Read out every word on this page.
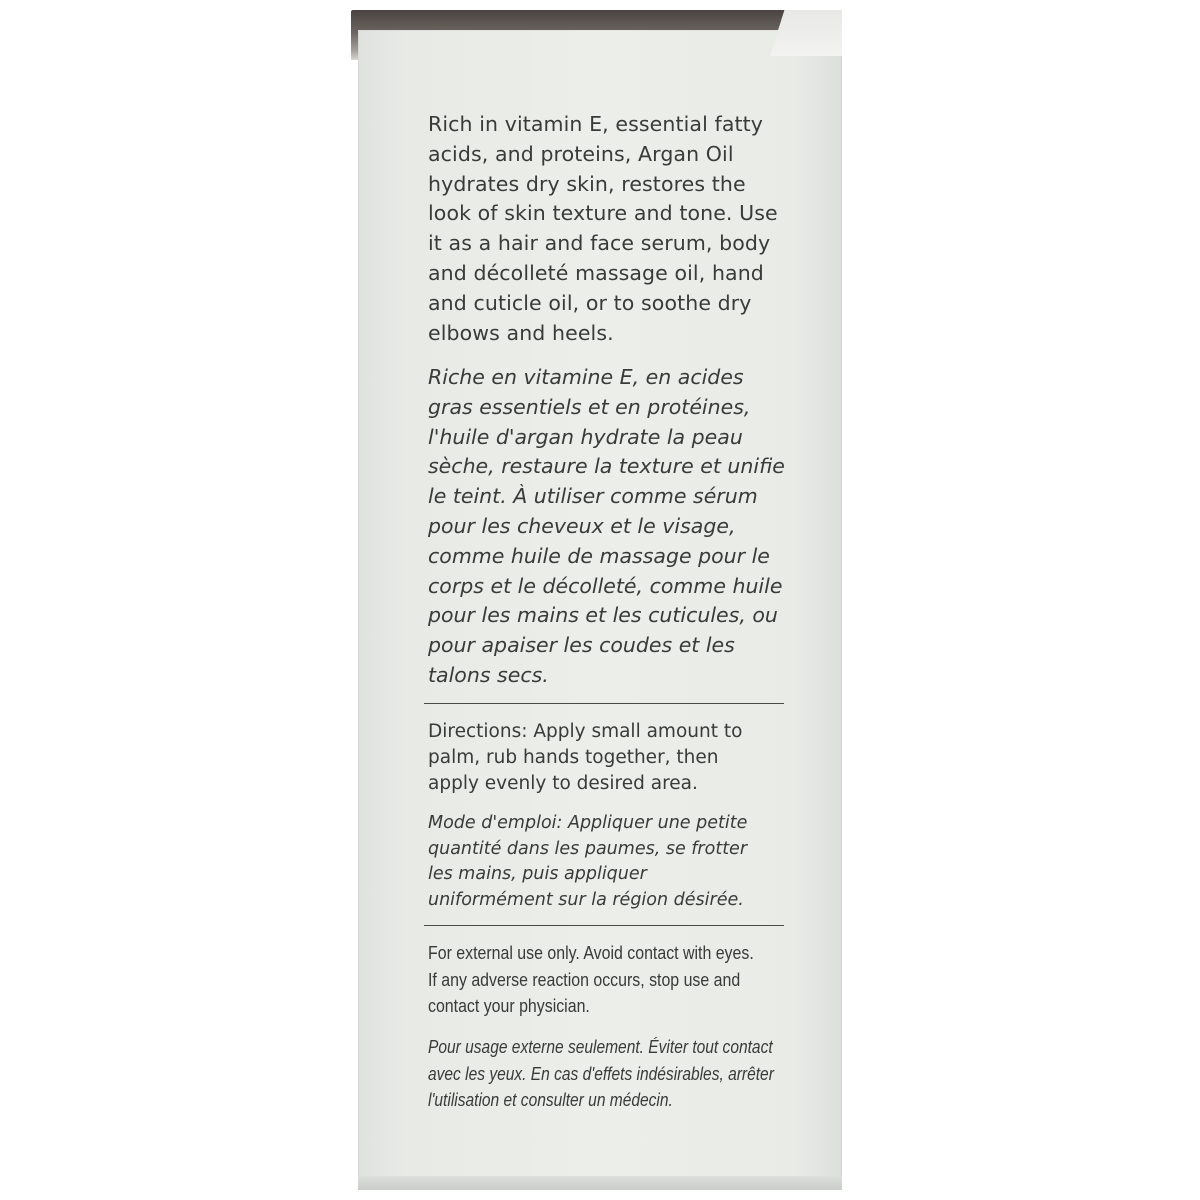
Rich in vitamin E, essential fatty
acids, and proteins, Argan Oil
hydrates dry skin, restores the
look of skin texture and tone. Use
it as a hair and face serum, body
and décolleté massage oil, hand
and cuticle oil, or to soothe dry
elbows and heels.

Riche en vitamine E, en acides
gras essentiels et en protéines,
l'huile d'argan hydrate la peau
sèche, restaure la texture et unifie
le teint. À utiliser comme sérum
pour les cheveux et le visage,
comme huile de massage pour le
corps et le décolleté, comme huile
pour les mains et les cuticules, ou
pour apaiser les coudes et les
talons secs.

Directions: Apply small amount to
palm, rub hands together, then
apply evenly to desired area.

Mode d'emploi: Appliquer une petite
quantité dans les paumes, se frotter
les mains, puis appliquer
uniformément sur la région désirée.

For external use only. Avoid contact with eyes.
If any adverse reaction occurs, stop use and
contact your physician.

Pour usage externe seulement. Éviter tout contact
avec les yeux. En cas d'effets indésirables, arrêter
l'utilisation et consulter un médecin.
